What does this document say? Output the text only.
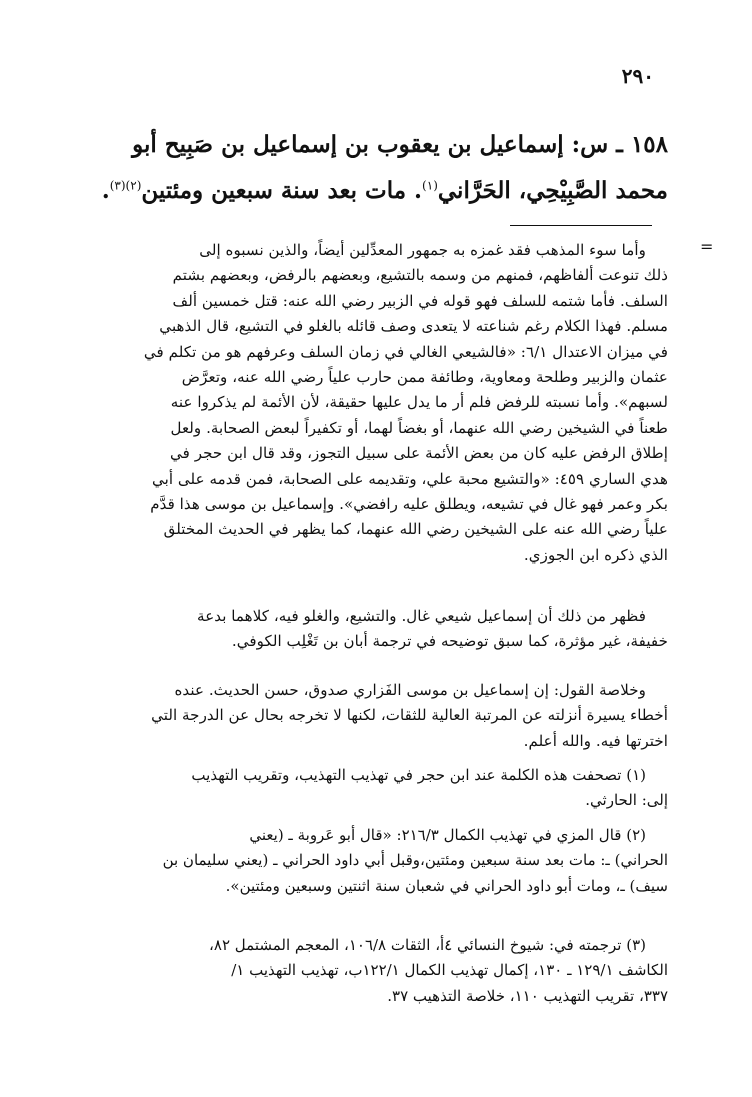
٢٩٠
١٥٨ ـ س: إسماعيل بن يعقوب بن إسماعيل بن صَبِيح أبو
محمد الصَّبِيْحِي، الحَرَّاني$^{(١)}$. مات بعد سنة سبعين ومئتين$^{(٢)(٣)}$.
=
وأما سوء المذهب فقد غمزه به جمهور المعدِّلين أيضاً، والذين نسبوه إلى
ذلك تنوعت ألفاظهم، فمنهم من وسمه بالتشيع، وبعضهم بالرفض، وبعضهم بشتم
السلف. فأما شتمه للسلف فهو قوله في الزبير رضي الله عنه: قتل خمسين ألف
مسلم. فهذا الكلام رغم شناعته لا يتعدى وصف قائله بالغلو في التشيع، قال الذهبي
في ميزان الاعتدال ٦/١: «فالشيعي الغالي في زمان السلف وعرفهم هو من تكلم في
عثمان والزبير وطلحة ومعاوية، وطائفة ممن حارب علياً رضي الله عنه، وتعرَّض
لسبهم». وأما نسبته للرفض فلم أر ما يدل عليها حقيقة، لأن الأئمة لم يذكروا عنه
طعناً في الشيخين رضي الله عنهما، أو بغضاً لهما، أو تكفيراً لبعض الصحابة. ولعل
إطلاق الرفض عليه كان من بعض الأئمة على سبيل التجوز، وقد قال ابن حجر في
هدي الساري ٤٥٩: «والتشيع محبة علي، وتقديمه على الصحابة، فمن قدمه على أبي
بكر وعمر فهو غال في تشيعه، ويطلق عليه رافضي». وإسماعيل بن موسى هذا قدَّم
علياً رضي الله عنه على الشيخين رضي الله عنهما، كما يظهر في الحديث المختلق
الذي ذكره ابن الجوزي.
فظهر من ذلك أن إسماعيل شيعي غال. والتشيع، والغلو فيه، كلاهما بدعة
خفيفة، غير مؤثرة، كما سبق توضيحه في ترجمة أبان بن تَغْلِب الكوفي.
وخلاصة القول: إن إسماعيل بن موسى الفَزاري صدوق، حسن الحديث. عنده
أخطاء يسيرة أنزلته عن المرتبة العالية للثقات، لكنها لا تخرجه بحال عن الدرجة التي
اخترتها فيه. والله أعلم.
(١) تصحفت هذه الكلمة عند ابن حجر في تهذيب التهذيب، وتقريب التهذيب
إلى: الحارثي.
(٢) قال المزي في تهذيب الكمال ٢١٦/٣: «قال أبو عَروبة ـ (يعني
الحراني) ـ: مات بعد سنة سبعين ومئتين،وقبل أبي داود الحراني ـ (يعني سليمان بن
سيف) ـ، ومات أبو داود الحراني في شعبان سنة اثنتين وسبعين ومئتين».
(٣) ترجمته في: شيوخ النسائي ٤أ، الثقات ١٠٦/٨، المعجم المشتمل ٨٢،
الكاشف ١٢٩/١ ـ ١٣٠، إكمال تهذيب الكمال ١٢٢/١ب، تهذيب التهذيب ١/
٣٣٧، تقريب التهذيب ١١٠، خلاصة التذهيب ٣٧.
